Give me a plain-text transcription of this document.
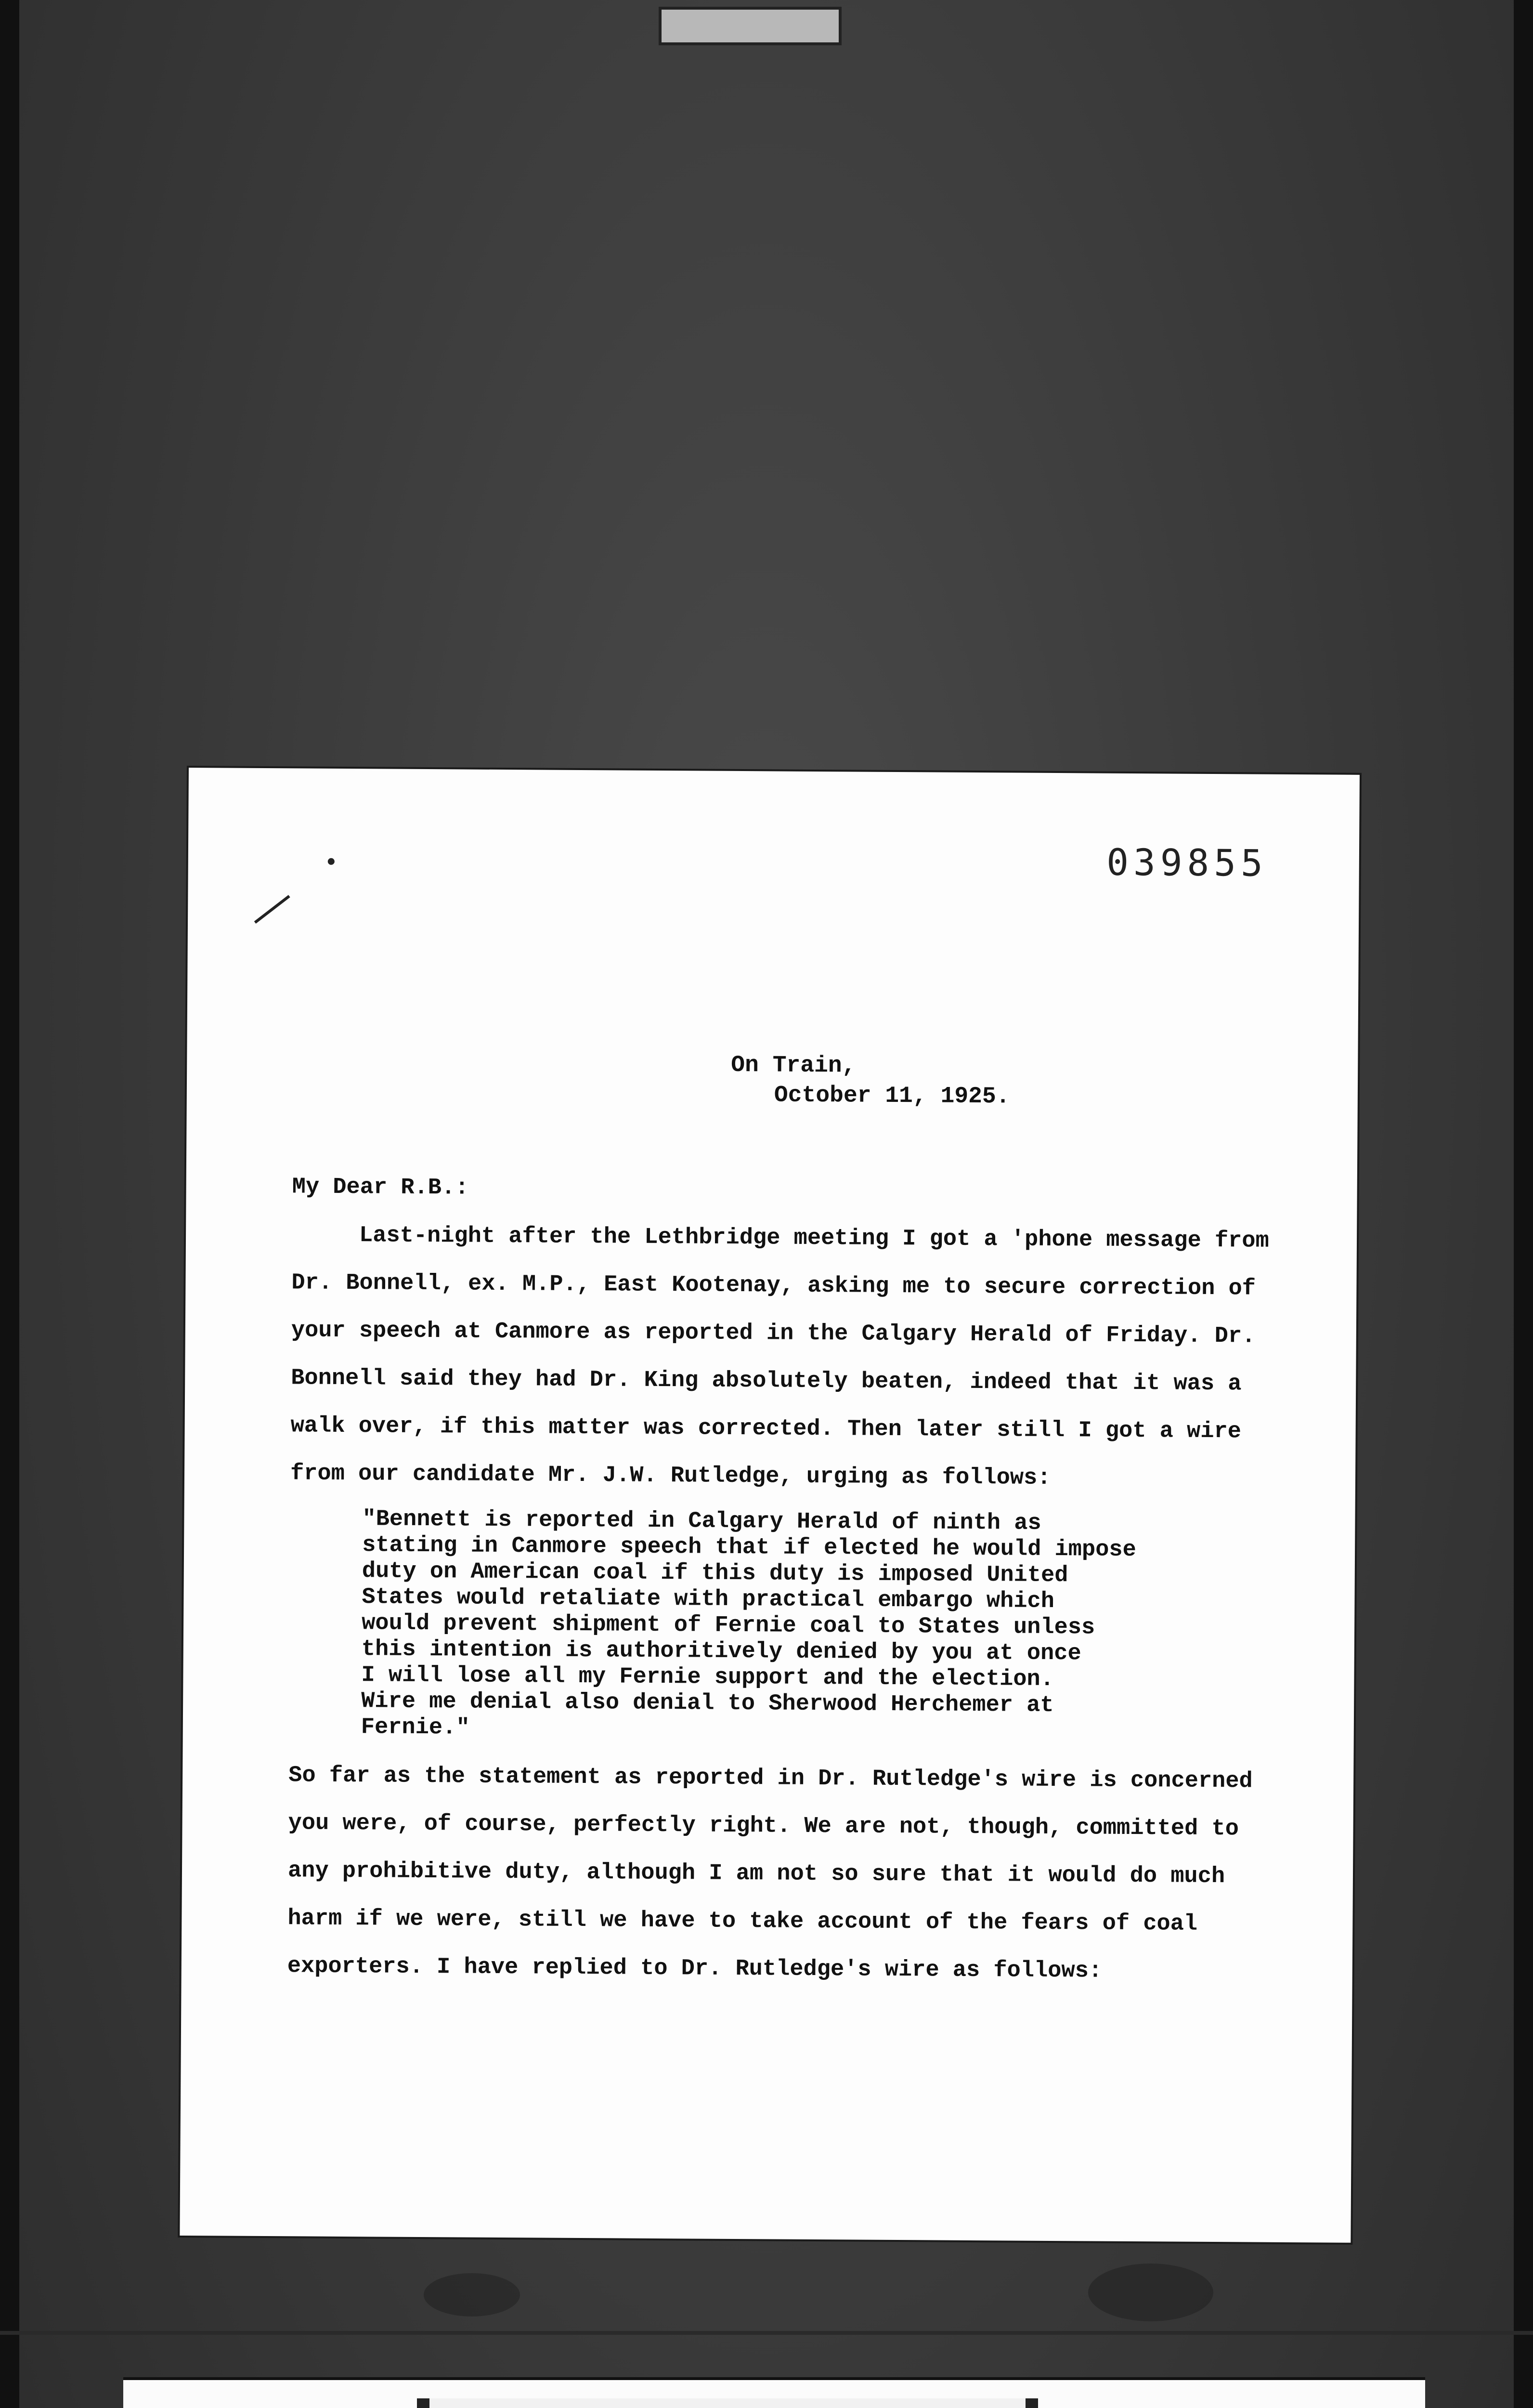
039855
On Train,
October 11, 1925.
My Dear R.B.:
Last-night after the Lethbridge meeting I got a 'phone message from Dr. Bonnell, ex. M.P., East Kootenay, asking me to secure correction of your speech at Canmore as reported in the Calgary Herald of Friday. Dr. Bonnell said they had Dr. King absolutely beaten, indeed that it was a walk over, if this matter was corrected. Then later still I got a wire from our candidate Mr. J.W. Rutledge, urging as follows:
"Bennett is reported in Calgary Herald of ninth as
stating in Canmore speech that if elected he would impose
duty on American coal if this duty is imposed United
States would retaliate with practical embargo which
would prevent shipment of Fernie coal to States unless
this intention is authoritively denied by you at once
I will lose all my Fernie support and the election.
Wire me denial also denial to Sherwood Herchemer at
Fernie."
So far as the statement as reported in Dr. Rutledge's wire is concerned you were, of course, perfectly right. We are not, though, committed to any prohibitive duty, although I am not so sure that it would do much harm if we were, still we have to take account of the fears of coal exporters. I have replied to Dr. Rutledge's wire as follows:
